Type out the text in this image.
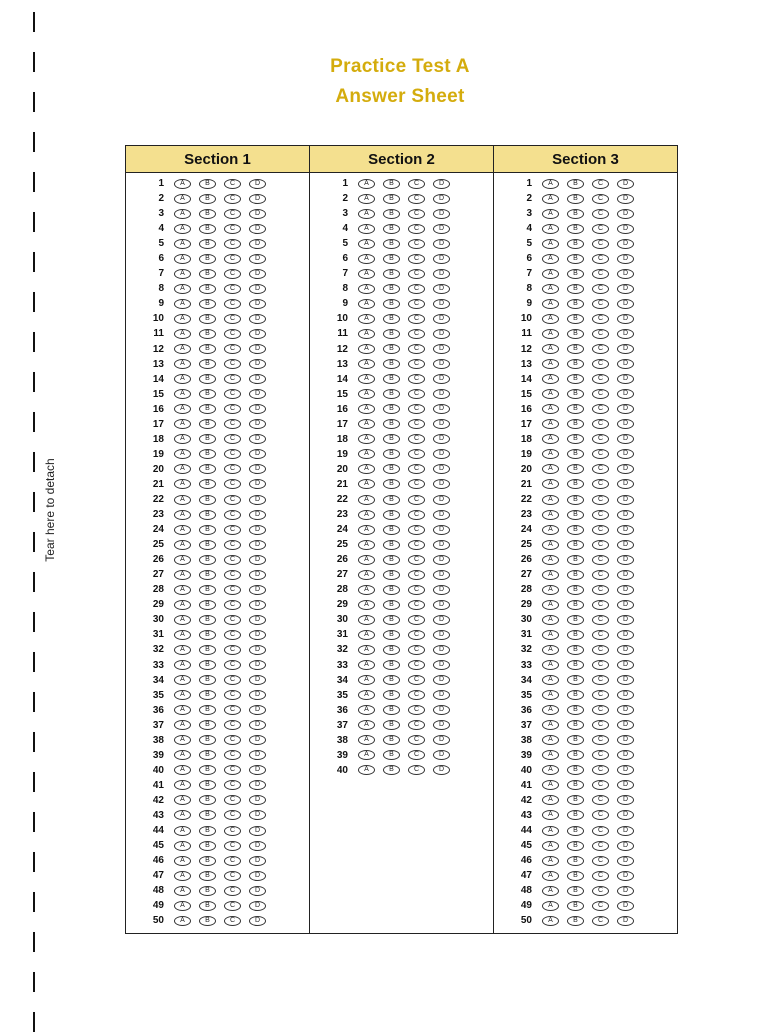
Tear here to detach
Practice Test A
Answer Sheet
Section 1
1	A	B	C	D
2	A	B	C	D
3	A	B	C	D
4	A	B	C	D
5	A	B	C	D
6	A	B	C	D
7	A	B	C	D
8	A	B	C	D
9	A	B	C	D
10	A	B	C	D
11	A	B	C	D
12	A	B	C	D
13	A	B	C	D
14	A	B	C	D
15	A	B	C	D
16	A	B	C	D
17	A	B	C	D
18	A	B	C	D
19	A	B	C	D
20	A	B	C	D
21	A	B	C	D
22	A	B	C	D
23	A	B	C	D
24	A	B	C	D
25	A	B	C	D
26	A	B	C	D
27	A	B	C	D
28	A	B	C	D
29	A	B	C	D
30	A	B	C	D
31	A	B	C	D
32	A	B	C	D
33	A	B	C	D
34	A	B	C	D
35	A	B	C	D
36	A	B	C	D
37	A	B	C	D
38	A	B	C	D
39	A	B	C	D
40	A	B	C	D
41	A	B	C	D
42	A	B	C	D
43	A	B	C	D
44	A	B	C	D
45	A	B	C	D
46	A	B	C	D
47	A	B	C	D
48	A	B	C	D
49	A	B	C	D
50	A	B	C	D
Section 2
1	A	B	C	D
2	A	B	C	D
3	A	B	C	D
4	A	B	C	D
5	A	B	C	D
6	A	B	C	D
7	A	B	C	D
8	A	B	C	D
9	A	B	C	D
10	A	B	C	D
11	A	B	C	D
12	A	B	C	D
13	A	B	C	D
14	A	B	C	D
15	A	B	C	D
16	A	B	C	D
17	A	B	C	D
18	A	B	C	D
19	A	B	C	D
20	A	B	C	D
21	A	B	C	D
22	A	B	C	D
23	A	B	C	D
24	A	B	C	D
25	A	B	C	D
26	A	B	C	D
27	A	B	C	D
28	A	B	C	D
29	A	B	C	D
30	A	B	C	D
31	A	B	C	D
32	A	B	C	D
33	A	B	C	D
34	A	B	C	D
35	A	B	C	D
36	A	B	C	D
37	A	B	C	D
38	A	B	C	D
39	A	B	C	D
40	A	B	C	D
Section 3
1	A	B	C	D
2	A	B	C	D
3	A	B	C	D
4	A	B	C	D
5	A	B	C	D
6	A	B	C	D
7	A	B	C	D
8	A	B	C	D
9	A	B	C	D
10	A	B	C	D
11	A	B	C	D
12	A	B	C	D
13	A	B	C	D
14	A	B	C	D
15	A	B	C	D
16	A	B	C	D
17	A	B	C	D
18	A	B	C	D
19	A	B	C	D
20	A	B	C	D
21	A	B	C	D
22	A	B	C	D
23	A	B	C	D
24	A	B	C	D
25	A	B	C	D
26	A	B	C	D
27	A	B	C	D
28	A	B	C	D
29	A	B	C	D
30	A	B	C	D
31	A	B	C	D
32	A	B	C	D
33	A	B	C	D
34	A	B	C	D
35	A	B	C	D
36	A	B	C	D
37	A	B	C	D
38	A	B	C	D
39	A	B	C	D
40	A	B	C	D
41	A	B	C	D
42	A	B	C	D
43	A	B	C	D
44	A	B	C	D
45	A	B	C	D
46	A	B	C	D
47	A	B	C	D
48	A	B	C	D
49	A	B	C	D
50	A	B	C	D
